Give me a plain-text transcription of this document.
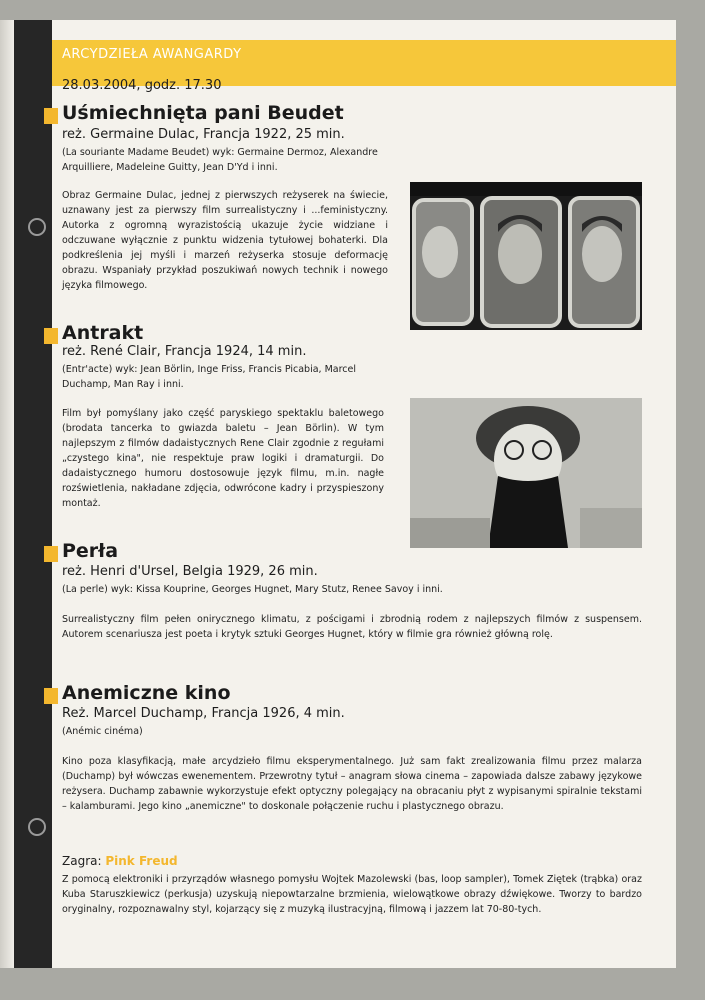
ARCYDZIEŁA AWANGARDY
28.03.2004, godz. 17.30
Uśmiechnięta pani Beudet
reż. Germaine Dulac, Francja 1922, 25 min.
(La souriante Madame Beudet) wyk: Germaine Dermoz, Alexandre Arquilliere, Madeleine Guitty, Jean D'Yd i inni.
Obraz Germaine Dulac, jednej z pierwszych reżyserek na świecie, uznawany jest za pierwszy film surrealistyczny i ...feministyczny. Autorka z ogromną wyrazistością ukazuje życie widziane i odczuwane wyłącznie z punktu widzenia tytułowej bohaterki. Dla podkreślenia jej myśli i marzeń reżyserka stosuje deformację obrazu. Wspaniały przykład poszukiwań nowych technik i nowego języka filmowego.
Antrakt
reż. René Clair, Francja 1924, 14 min.
(Entr'acte) wyk: Jean Börlin, Inge Friss, Francis Picabia, Marcel Duchamp, Man Ray i inni.
Film był pomyślany jako część paryskiego spektaklu baletowego (brodata tancerka to gwiazda baletu – Jean Börlin). W tym najlepszym z filmów dadaistycznych Rene Clair zgodnie z regułami „czystego kina", nie respektuje praw logiki i dramaturgii. Do dadaistycznego humoru dostosowuje język filmu, m.in. nagłe rozświetlenia, nakładane zdjęcia, odwrócone kadry i przyspieszony montaż.
Perła
reż. Henri d'Ursel, Belgia 1929, 26 min.
(La perle) wyk: Kissa Kouprine, Georges Hugnet, Mary Stutz, Renee Savoy i inni.
Surrealistyczny film pełen onirycznego klimatu, z pościgami i zbrodnią rodem z najlepszych filmów z suspensem. Autorem scenariusza jest poeta i krytyk sztuki Georges Hugnet, który w filmie gra również główną rolę.
Anemiczne kino
Reż. Marcel Duchamp, Francja 1926, 4 min.
(Anémic cinéma)
Kino poza klasyfikacją, małe arcydzieło filmu eksperymentalnego. Już sam fakt zrealizowania filmu przez malarza (Duchamp) był wówczas ewenementem. Przewrotny tytuł – anagram słowa cinema – zapowiada dalsze zabawy językowe reżysera. Duchamp zabawnie wykorzystuje efekt optyczny polegający na obracaniu płyt z wypisanymi spiralnie tekstami – kalamburami. Jego kino „anemiczne" to doskonale połączenie ruchu i plastycznego obrazu.
Zagra: Pink Freud
Z pomocą elektroniki i przyrządów własnego pomysłu Wojtek Mazolewski (bas, loop sampler), Tomek Ziętek (trąbka) oraz Kuba Staruszkiewicz (perkusja) uzyskują niepowtarzalne brzmienia, wielowątkowe obrazy dźwiękowe. Tworzy to bardzo oryginalny, rozpoznawalny styl, kojarzący się z muzyką ilustracyjną, filmową i jazzem lat 70-80-tych.
